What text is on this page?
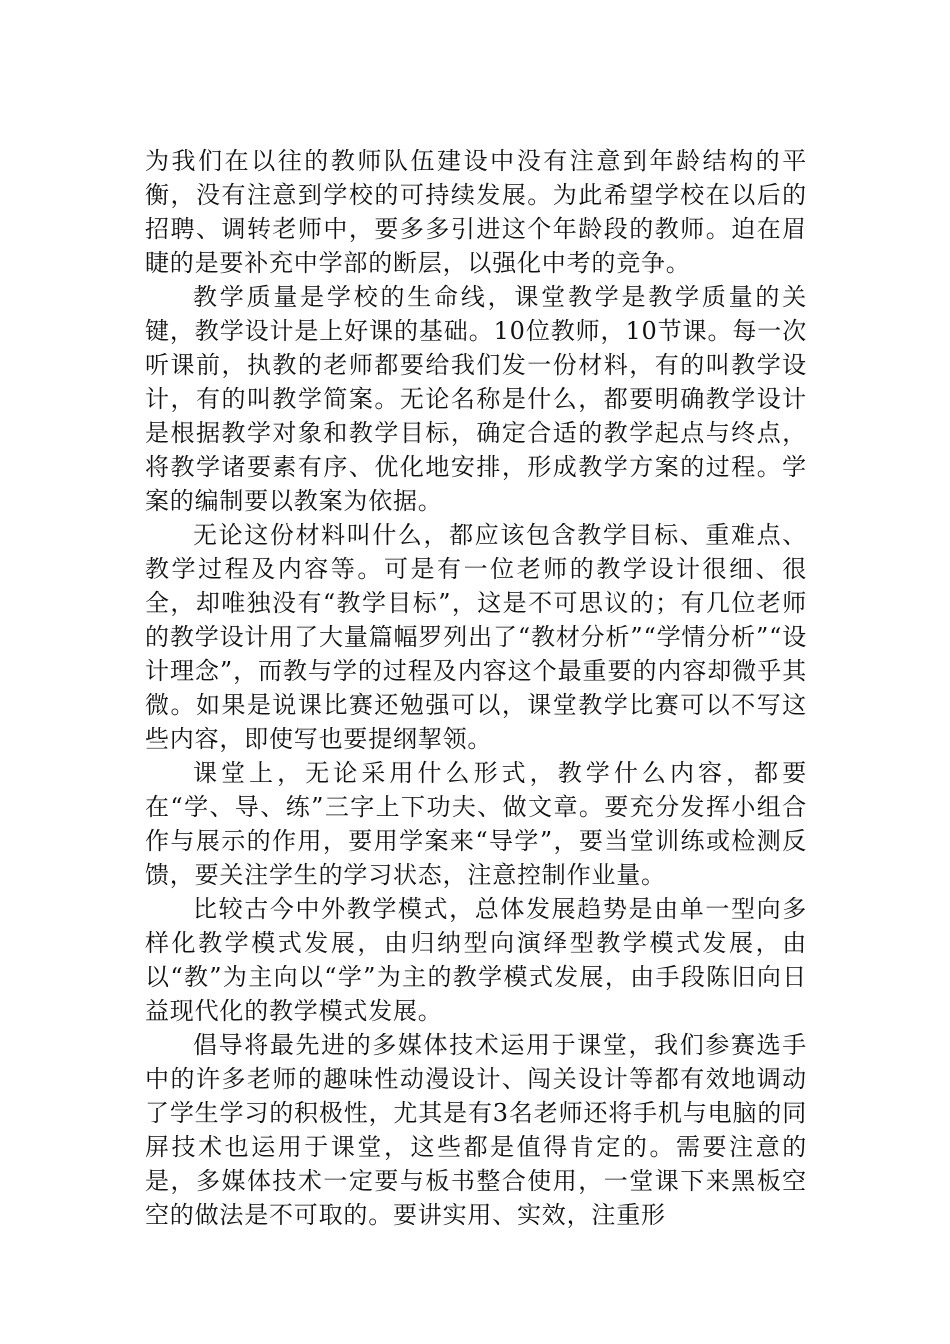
为我们在以往的教师队伍建设中没有注意到年龄结构的平衡，没有注意到学校的可持续发展。为此希望学校在以后的招聘、调转老师中，要多多引进这个年龄段的教师。迫在眉睫的是要补充中学部的断层，以强化中考的竞争。

教学质量是学校的生命线，课堂教学是教学质量的关键，教学设计是上好课的基础。10位教师，10节课。每一次听课前，执教的老师都要给我们发一份材料，有的叫教学设计，有的叫教学简案。无论名称是什么，都要明确教学设计是根据教学对象和教学目标，确定合适的教学起点与终点，将教学诸要素有序、优化地安排，形成教学方案的过程。学案的编制要以教案为依据。

无论这份材料叫什么，都应该包含教学目标、重难点、教学过程及内容等。可是有一位老师的教学设计很细、很全，却唯独没有“教学目标”，这是不可思议的；有几位老师的教学设计用了大量篇幅罗列出了“教材分析”“学情分析”“设计理念”，而教与学的过程及内容这个最重要的内容却微乎其微。如果是说课比赛还勉强可以，课堂教学比赛可以不写这些内容，即使写也要提纲挈领。

课堂上，无论采用什么形式，教学什么内容，都要在“学、导、练”三字上下功夫、做文章。要充分发挥小组合作与展示的作用，要用学案来“导学”，要当堂训练或检测反馈，要关注学生的学习状态，注意控制作业量。

比较古今中外教学模式，总体发展趋势是由单一型向多样化教学模式发展，由归纳型向演绎型教学模式发展，由以“教”为主向以“学”为主的教学模式发展，由手段陈旧向日益现代化的教学模式发展。

倡导将最先进的多媒体技术运用于课堂，我们参赛选手中的许多老师的趣味性动漫设计、闯关设计等都有效地调动了学生学习的积极性，尤其是有3名老师还将手机与电脑的同屏技术也运用于课堂，这些都是值得肯定的。需要注意的是，多媒体技术一定要与板书整合使用，一堂课下来黑板空空的做法是不可取的。要讲实用、实效，注重形
